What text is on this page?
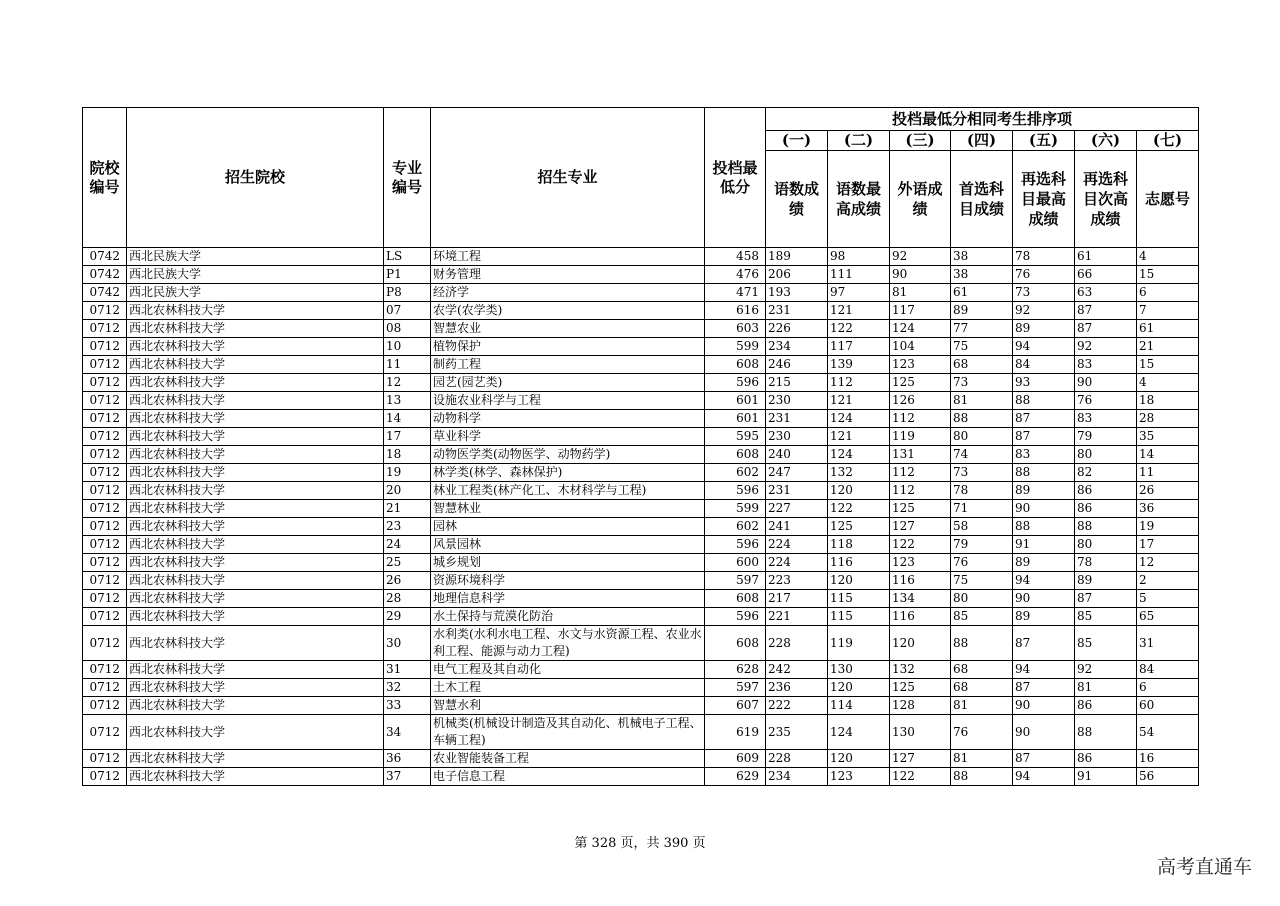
院校编号	招生院校	专业编号	招生专业	投档最低分	投档最低分相同考生排序项						
					(一)	(二)	(三)	(四)	(五)	(六)	(七)
					语数成绩	语数最高成绩	外语成绩	首选科目成绩	再选科目最高成绩	再选科目次高成绩	志愿号
0742	西北民族大学	LS	环境工程	458	189	98	92	38	78	61	4
0742	西北民族大学	P1	财务管理	476	206	111	90	38	76	66	15
0742	西北民族大学	P8	经济学	471	193	97	81	61	73	63	6
0712	西北农林科技大学	07	农学(农学类)	616	231	121	117	89	92	87	7
0712	西北农林科技大学	08	智慧农业	603	226	122	124	77	89	87	61
0712	西北农林科技大学	10	植物保护	599	234	117	104	75	94	92	21
0712	西北农林科技大学	11	制药工程	608	246	139	123	68	84	83	15
0712	西北农林科技大学	12	园艺(园艺类)	596	215	112	125	73	93	90	4
0712	西北农林科技大学	13	设施农业科学与工程	601	230	121	126	81	88	76	18
0712	西北农林科技大学	14	动物科学	601	231	124	112	88	87	83	28
0712	西北农林科技大学	17	草业科学	595	230	121	119	80	87	79	35
0712	西北农林科技大学	18	动物医学类(动物医学、动物药学)	608	240	124	131	74	83	80	14
0712	西北农林科技大学	19	林学类(林学、森林保护)	602	247	132	112	73	88	82	11
0712	西北农林科技大学	20	林业工程类(林产化工、木材科学与工程)	596	231	120	112	78	89	86	26
0712	西北农林科技大学	21	智慧林业	599	227	122	125	71	90	86	36
0712	西北农林科技大学	23	园林	602	241	125	127	58	88	88	19
0712	西北农林科技大学	24	风景园林	596	224	118	122	79	91	80	17
0712	西北农林科技大学	25	城乡规划	600	224	116	123	76	89	78	12
0712	西北农林科技大学	26	资源环境科学	597	223	120	116	75	94	89	2
0712	西北农林科技大学	28	地理信息科学	608	217	115	134	80	90	87	5
0712	西北农林科技大学	29	水土保持与荒漠化防治	596	221	115	116	85	89	85	65
0712	西北农林科技大学	30	水利类(水利水电工程、水文与水资源工程、农业水利工程、能源与动力工程)	608	228	119	120	88	87	85	31
0712	西北农林科技大学	31	电气工程及其自动化	628	242	130	132	68	94	92	84
0712	西北农林科技大学	32	土木工程	597	236	120	125	68	87	81	6
0712	西北农林科技大学	33	智慧水利	607	222	114	128	81	90	86	60
0712	西北农林科技大学	34	机械类(机械设计制造及其自动化、机械电子工程、车辆工程)	619	235	124	130	76	90	88	54
0712	西北农林科技大学	36	农业智能装备工程	609	228	120	127	81	87	86	16
0712	西北农林科技大学	37	电子信息工程	629	234	123	122	88	94	91	56
第 328 页，共 390 页
高考直通车
